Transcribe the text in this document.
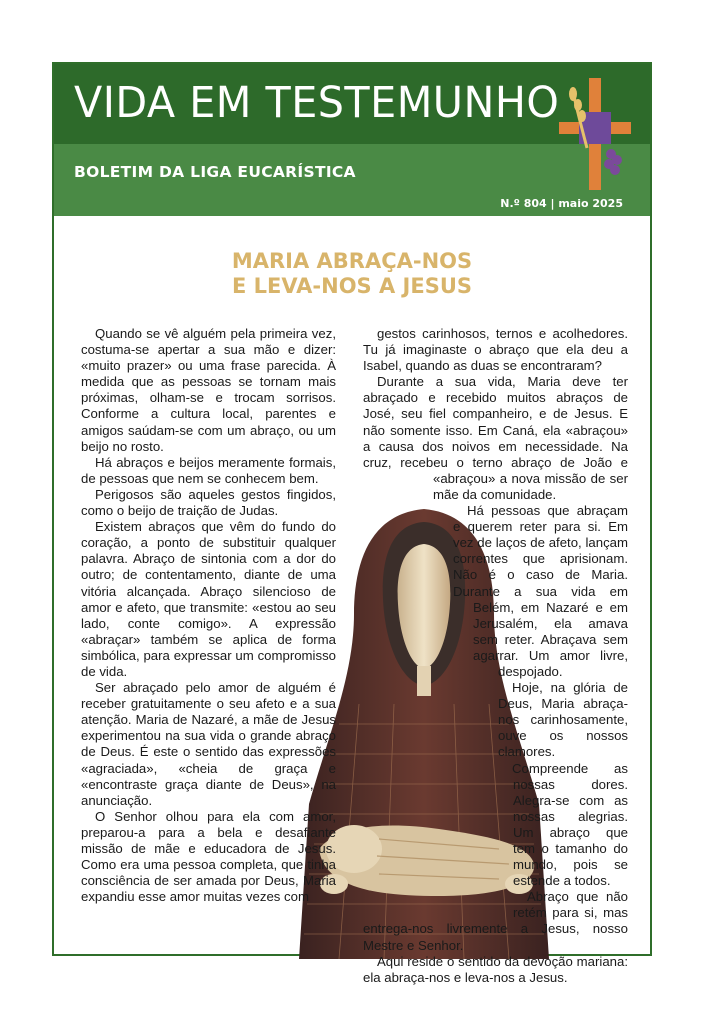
VIDA EM TESTEMUNHO
BOLETIM DA LIGA EUCARÍSTICA
N.º 804 | maio 2025
MARIA ABRAÇA-NOS
E LEVA-NOS A JESUS

Quando se vê alguém pela primeira vez, costuma-se apertar a sua mão e dizer: «muito prazer» ou uma frase parecida. À medida que as pessoas se tornam mais próximas, olham-se e trocam sorrisos. Conforme a cultura local, parentes e amigos saúdam-se com um abraço, ou um beijo no rosto.

Há abraços e beijos meramente formais, de pessoas que nem se conhecem bem.

Perigosos são aqueles gestos fingidos, como o beijo de traição de Judas.

Existem abraços que vêm do fundo do coração, a ponto de substituir qualquer palavra. Abraço de sintonia com a dor do outro; de contentamento, diante de uma vitória alcançada. Abraço silencioso de amor e afeto, que transmite: «estou ao seu lado, conte comigo». A expressão «abraçar» também se aplica de forma simbólica, para expressar um compromisso de vida.

Ser abraçado pelo amor de alguém é receber gratuitamente o seu afeto e a sua atenção. Maria de Nazaré, a mãe de Jesus experimentou na sua vida o grande abraço de Deus. É este o sentido das expressões «agraciada», «cheia de graça e «encontraste graça diante de Deus», na anunciação.

O Senhor olhou para ela com amor, preparou-a para a bela e desafiante missão de mãe e educadora de Jesus. Como era uma pessoa completa, que tinha consciência de ser amada por Deus, Maria expandiu esse amor muitas vezes com

gestos carinhosos, ternos e acolhedores. Tu já imaginaste o abraço que ela deu a Isabel, quando as duas se encontraram?

Durante a sua vida, Maria deve ter abraçado e recebido muitos abraços de José, seu fiel companheiro, e de Jesus. E não somente isso. Em Caná, ela «abraçou» a causa dos noivos em necessidade. Na cruz, recebeu o terno abraço de João e «abraçou» a nova missão de ser mãe da comunidade.

Há pessoas que abraçam e querem reter para si. Em vez de laços de afeto, lançam correntes que aprisionam. Não é o caso de Maria. Durante a sua vida em Belém, em Nazaré e em Jerusalém, ela amava sem reter. Abraçava sem agarrar. Um amor livre, despojado.

Hoje, na glória de Deus, Maria abraça-nos carinhosamente, ouve os nossos clamores.

Compreende as nossas dores. Alegra-se com as nossas alegrias. Um abraço que tem o tamanho do mundo, pois se estende a todos.

Abraço que não retém para si, mas entrega-nos livremente a Jesus, nosso Mestre e Senhor.

Aqui reside o sentido da devoção mariana: ela abraça-nos e leva-nos a Jesus.
